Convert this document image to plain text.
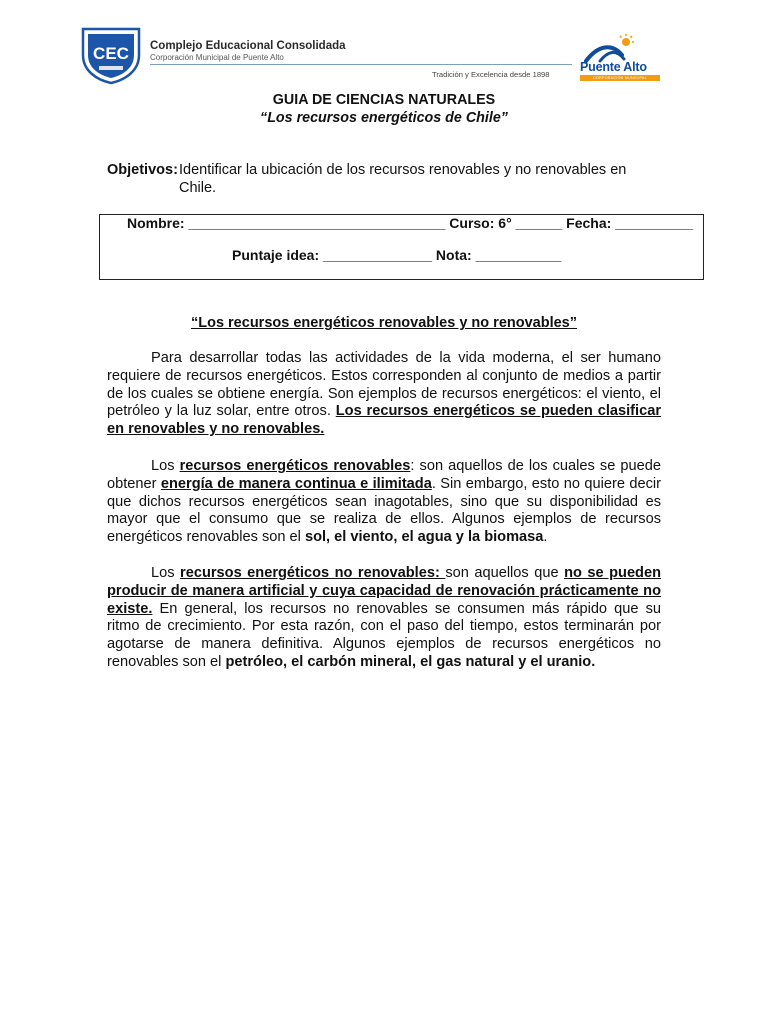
CEC Complejo Educacional Consolidada
Corporación Municipal de Puente Alto
Tradición y Excelencia desde 1898
Puente Alto
CORPORACIÓN MUNICIPAL
GUIA DE CIENCIAS NATURALES
“Los recursos energéticos de Chile”
Objetivos: Identificar la ubicación de los recursos renovables y no renovables en Chile.
Nombre: _________________________________ Curso: 6° ______ Fecha: __________
Puntaje idea: ______________ Nota: ___________
“Los recursos energéticos renovables y no renovables”
Para desarrollar todas las actividades de la vida moderna, el ser humano requiere de recursos energéticos. Estos corresponden al conjunto de medios a partir de los cuales se obtiene energía. Son ejemplos de recursos energéticos: el viento, el petróleo y la luz solar, entre otros. Los recursos energéticos se pueden clasificar en renovables y no renovables.
Los recursos energéticos renovables: son aquellos de los cuales se puede obtener energía de manera continua e ilimitada. Sin embargo, esto no quiere decir que dichos recursos energéticos sean inagotables, sino que su disponibilidad es mayor que el consumo que se realiza de ellos. Algunos ejemplos de recursos energéticos renovables son el sol, el viento, el agua y la biomasa.
Los recursos energéticos no renovables: son aquellos que no se pueden producir de manera artificial y cuya capacidad de renovación prácticamente no existe. En general, los recursos no renovables se consumen más rápido que su ritmo de crecimiento. Por esta razón, con el paso del tiempo, estos terminarán por agotarse de manera definitiva. Algunos ejemplos de recursos energéticos no renovables son el petróleo, el carbón mineral, el gas natural y el uranio.
